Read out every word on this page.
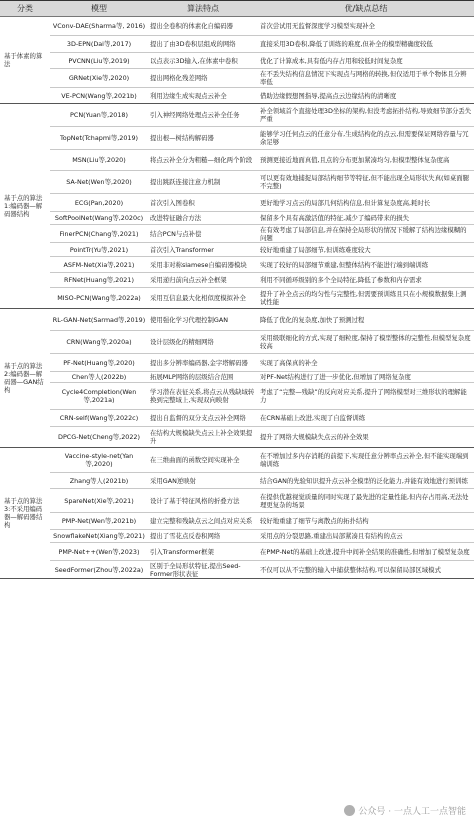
分类	模型	算法特点	优/缺点总结
基于体素的算法	VConv-DAE(Sharma等, 2016)	提出全卷积的体素化自编码器	首次尝试用无监督深度学习模型实现补全
	3D-EPN(Dai等,2017)	提出了由3D卷积层组成的网络	直接采用3D卷积,降低了训练的难度,但补全的模型精确度较低
	PVCNN(Liu等,2019)	以点表示3D输入,在体素中卷积	优化了计算成本,具有低内存占用和较低时间复杂度
	GRNet(Xie等,2020)	提出网格化残差网络	在不丢失结构信息情况下实现点与网格的转换,但仅适用于单个物体且分辨率低
	VE-PCN(Wang等,2021b)	利用边缘生成实现点云补全	借助边缘假想图指导,提高点云边缘结构的清晰度
基于点的算法1:编码器—解码器结构	PCN(Yuan等,2018)	引入神经网络处理点云补全任务	补全领域首个直接处理3D坐标的架构,但没考虑拓扑结构,导致细节部分丢失严重
	TopNet(Tchapmi等,2019)	提出根—树结构解码器	能够学习任何点云的任意分布,生成结构化的点云,但需要保证网络容量与冗余足够
	MSN(Liu等,2020)	将点云补全分为粗糙—细化两个阶段	预测更接近地面真值,且点的分布更加紧凑均匀,但模型整体复杂度高
	SA-Net(Wen等,2020)	提出跳跃连接注意力机制	可以更有效地捕捉局部结构细节等特征,但不能出现全局形状失真(如桌面腿不完整)
	ECG(Pan,2020)	首次引入图卷积	更好地学习点云的局部几何结构信息,但计算复杂度高,耗时长
	SoftPoolNet(Wang等,2020c)	改进特征融合方法	保留多个具有高激活值的特征,减少了编码带来的损失
	FinerPCN(Chang等,2021)	结合PCN与点补偿	在有效考虑了局部信息,并在保持全局形状的情况下缓解了结构边缘模糊的问题
	PointTr(Yu等,2021)	首次引入Transformer	较好地重建了局部细节,但训练难度较大
	ASFM-Net(Xia等,2021)	采用非对称siamese自编码器模块	实现了较好的局部细节重建,但整体结构不能进行端到端训练
	RFNet(Huang等,2021)	采用递归前向点云补全框架	利用不同循环级别的多个全局特征,降低了参数和内存需求
	MISO-PCN(Wang等,2022a)	采用互信息最大化相似度模拟补全	提升了补全点云的均匀性与完整性,但需要预训练且只在小规模数据集上测试性能
基于点的算法2:编码器—解码器—GAN结构	RL-GAN-Net(Sarmad等,2019)	使用强化学习代理控制GAN	降低了优化的复杂度,加快了预测过程
	CRN(Wang等,2020a)	设计层级化的精细网络	采用级联细化的方式,实现了细粒度,保持了模型整体的完整性,但模型复杂度较高
	PF-Net(Huang等,2020)	提出多分辨率编码器,金字塔解码器	实现了高保真的补全
	Chen等人(2022b)	拓展MLP网络的层级结合范围	对PF-Net结构进行了进一步优化,但增加了网络复杂度
	Cycle4Completion(Wen等,2021a)	学习潜在表征关系,将点云从残缺域转换到完整域上,实现双向映射	考虑了“完整—残缺”的反向对应关系,提升了网络模型对三维形状的理解能力
	CRN-self(Wang等,2022c)	提出自监督的双分支点云补全网络	在CRN基础上改进,实现了自监督训练
	DPCG-Net(Cheng等,2022)	在结构大规模缺失点云上补全效果提升	提升了网络大规模缺失点云的补全效果
基于点的算法3:不采用编码器—解码器结构	Vaccine-style-net(Yan等,2020)	在三维曲面的函数空间实现补全	在不增加过多内存消耗的前提下,实现任意分辨率点云补全,但不能实现端到端训练
	Zhang等人(2021b)	采用GAN逆映射	结合GAN的先验知识提升点云补全模型的泛化能力,并能有效地进行预训练
	SpareNet(Xie等,2021)	设计了基于特征风格的折叠方法	在提供优越视觉质量的同时实现了最先进的定量性能,但内存占用高,无法处理更复杂的场景
	PMP-Net(Wen等,2021b)	建立完整和残缺点云之间点对应关系	较好地重建了细节与离散点的拓扑结构
	SnowflakeNet(Xiang等,2021)	提出了雪花点反卷积网络	采用点的分裂思路,重建出局部紧凑且有结构的点云
	PMP-Net++(Wen等,2023)	引入Transformer框架	在PMP-Net的基础上改进,提升中间补全结果的准确性,但增加了模型复杂度
	SeedFormer(Zhou等,2022a)	区别于全局形状特征,提出Seed-Former形状表征	不仅可以从不完整的输入中捕获整体结构,可以保留局部区域模式
公众号 · 一点人工一点智能
